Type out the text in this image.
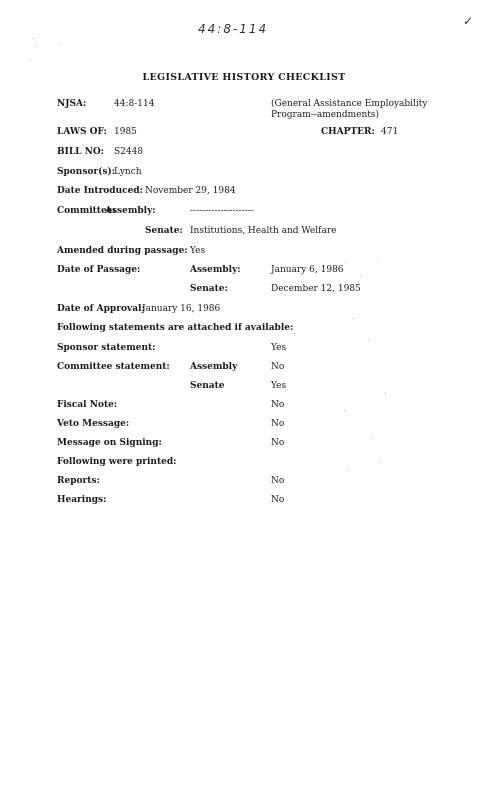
44:8-114
✓
LEGISLATIVE HISTORY CHECKLIST
NJSA:	44:8-114	(General Assistance Employability
Program--amendments)
LAWS OF: 1985	CHAPTER: 471
BILL NO: S2448
Sponsor(s):
Lynch
Date Introduced: November 29, 1984
Committee:
Assembly:	---------------------
Senate: Institutions, Health and Welfare
Amended during passage: Yes
Date of Passage:	Assembly:	January 6, 1986
Senate:	December 12, 1985
Date of Approval:
January 16, 1986
Following statements are attached if available:
Sponsor statement:	Yes
Committee statement: Assembly	No
Senate	Yes
Fiscal Note:	No
Veto Message:	No
Message on Signing:	No
Following were printed:
Reports:	No
Hearings:	No
